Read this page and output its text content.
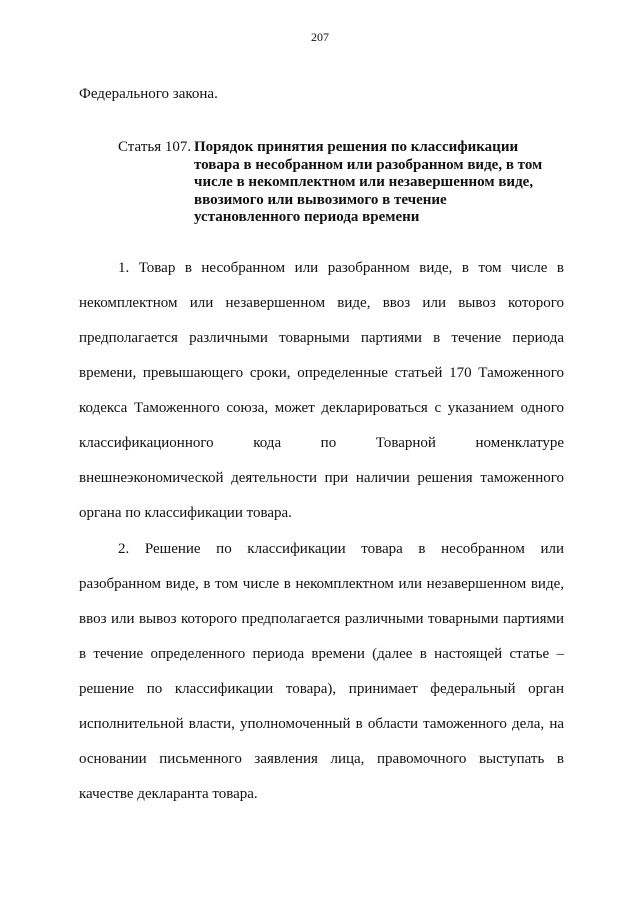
207
Федерального закона.
Статья 107. Порядок принятия решения по классификации
товара в несобранном или разобранном виде, в том
числе в некомплектном или незавершенном виде,
ввозимого или вывозимого в течение
установленного периода времени
1. Товар в несобранном или разобранном виде, в том числе в
некомплектном или незавершенном виде, ввоз или вывоз которого
предполагается различными товарными партиями в течение периода
времени, превышающего сроки, определенные статьей 170 Таможенного
кодекса Таможенного союза, может декларироваться с указанием одного
классификационного кода по Товарной номенклатуре
внешнеэкономической деятельности при наличии решения таможенного
органа по классификации товара.
2. Решение по классификации товара в несобранном или
разобранном виде, в том числе в некомплектном или незавершенном виде,
ввоз или вывоз которого предполагается различными товарными партиями
в течение определенного периода времени (далее в настоящей статье –
решение по классификации товара), принимает федеральный орган
исполнительной власти, уполномоченный в области таможенного дела, на
основании письменного заявления лица, правомочного выступать в
качестве декларанта товара.
